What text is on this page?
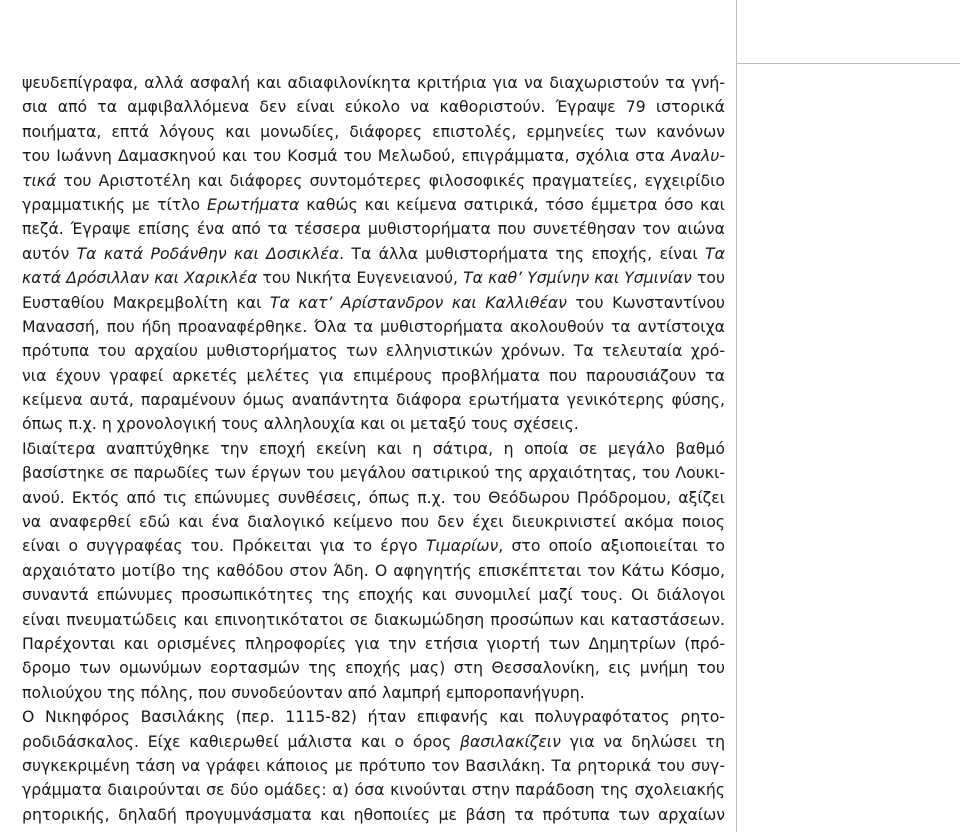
ψευδεπίγραφα, αλλά ασφαλή και αδιαφιλονίκητα κριτήρια για να διαχωριστούν τα γνή-
σια από τα αμφιβαλλόμενα δεν είναι εύκολο να καθοριστούν. Έγραψε 79 ιστορικά
ποιήματα, επτά λόγους και μονωδίες, διάφορες επιστολές, ερμηνείες των κανόνων
του Ιωάννη Δαμασκηνού και του Κοσμά του Μελωδού, επιγράμματα, σχόλια στα Αναλυ-
τικά του Αριστοτέλη και διάφορες συντομότερες φιλοσοφικές πραγματείες, εγχειρίδιο
γραμματικής με τίτλο Ερωτήματα καθώς και κείμενα σατιρικά, τόσο έμμετρα όσο και
πεζά. Έγραψε επίσης ένα από τα τέσσερα μυθιστορήματα που συνετέθησαν τον αιώνα
αυτόν Τα κατά Ροδάνθην και Δοσικλέα. Τα άλλα μυθιστορήματα της εποχής, είναι Τα
κατά Δρόσιλλαν και Χαρικλέα του Νικήτα Ευγενειανού, Τα καθ’ Υσμίνην και Υσμινίαν του
Ευσταθίου Μακρεμβολίτη και Τα κατ’ Αρίστανδρον και Καλλιθέαν του Κωνσταντίνου
Μανασσή, που ήδη προαναφέρθηκε. Όλα τα μυθιστορήματα ακολουθούν τα αντίστοιχα
πρότυπα του αρχαίου μυθιστορήματος των ελληνιστικών χρόνων. Τα τελευταία χρό-
νια έχουν γραφεί αρκετές μελέτες για επιμέρους προβλήματα που παρουσιάζουν τα
κείμενα αυτά, παραμένουν όμως αναπάντητα διάφορα ερωτήματα γενικότερης φύσης,
όπως π.χ. η χρονολογική τους αλληλουχία και οι μεταξύ τους σχέσεις.

Ιδιαίτερα αναπτύχθηκε την εποχή εκείνη και η σάτιρα, η οποία σε μεγάλο βαθμό
βασίστηκε σε παρωδίες των έργων του μεγάλου σατιρικού της αρχαιότητας, του Λουκι-
ανού. Εκτός από τις επώνυμες συνθέσεις, όπως π.χ. του Θεόδωρου Πρόδρομου, αξίζει
να αναφερθεί εδώ και ένα διαλογικό κείμενο που δεν έχει διευκρινιστεί ακόμα ποιος
είναι ο συγγραφέας του. Πρόκειται για το έργο Τιμαρίων, στο οποίο αξιοποιείται το
αρχαιότατο μοτίβο της καθόδου στον Άδη. Ο αφηγητής επισκέπτεται τον Κάτω Κόσμο,
συναντά επώνυμες προσωπικότητες της εποχής και συνομιλεί μαζί τους. Οι διάλογοι
είναι πνευματώδεις και επινοητικότατοι σε διακωμώδηση προσώπων και καταστάσεων.
Παρέχονται και ορισμένες πληροφορίες για την ετήσια γιορτή των Δημητρίων (πρό-
δρομο των ομωνύμων εορτασμών της εποχής μας) στη Θεσσαλονίκη, εις μνήμη του
πολιούχου της πόλης, που συνοδεύονταν από λαμπρή εμποροπανήγυρη.

Ο Νικηφόρος Βασιλάκης (περ. 1115-82) ήταν επιφανής και πολυγραφότατος ρητο-
ροδιδάσκαλος. Είχε καθιερωθεί μάλιστα και ο όρος βασιλακίζειν για να δηλώσει τη
συγκεκριμένη τάση να γράφει κάποιος με πρότυπο τον Βασιλάκη. Τα ρητορικά του συγ-
γράμματα διαιρούνται σε δύο ομάδες: α) όσα κινούνται στην παράδοση της σχολειακής
ρητορικής, δηλαδή προγυμνάσματα και ηθοποιίες με βάση τα πρότυπα των αρχαίων
